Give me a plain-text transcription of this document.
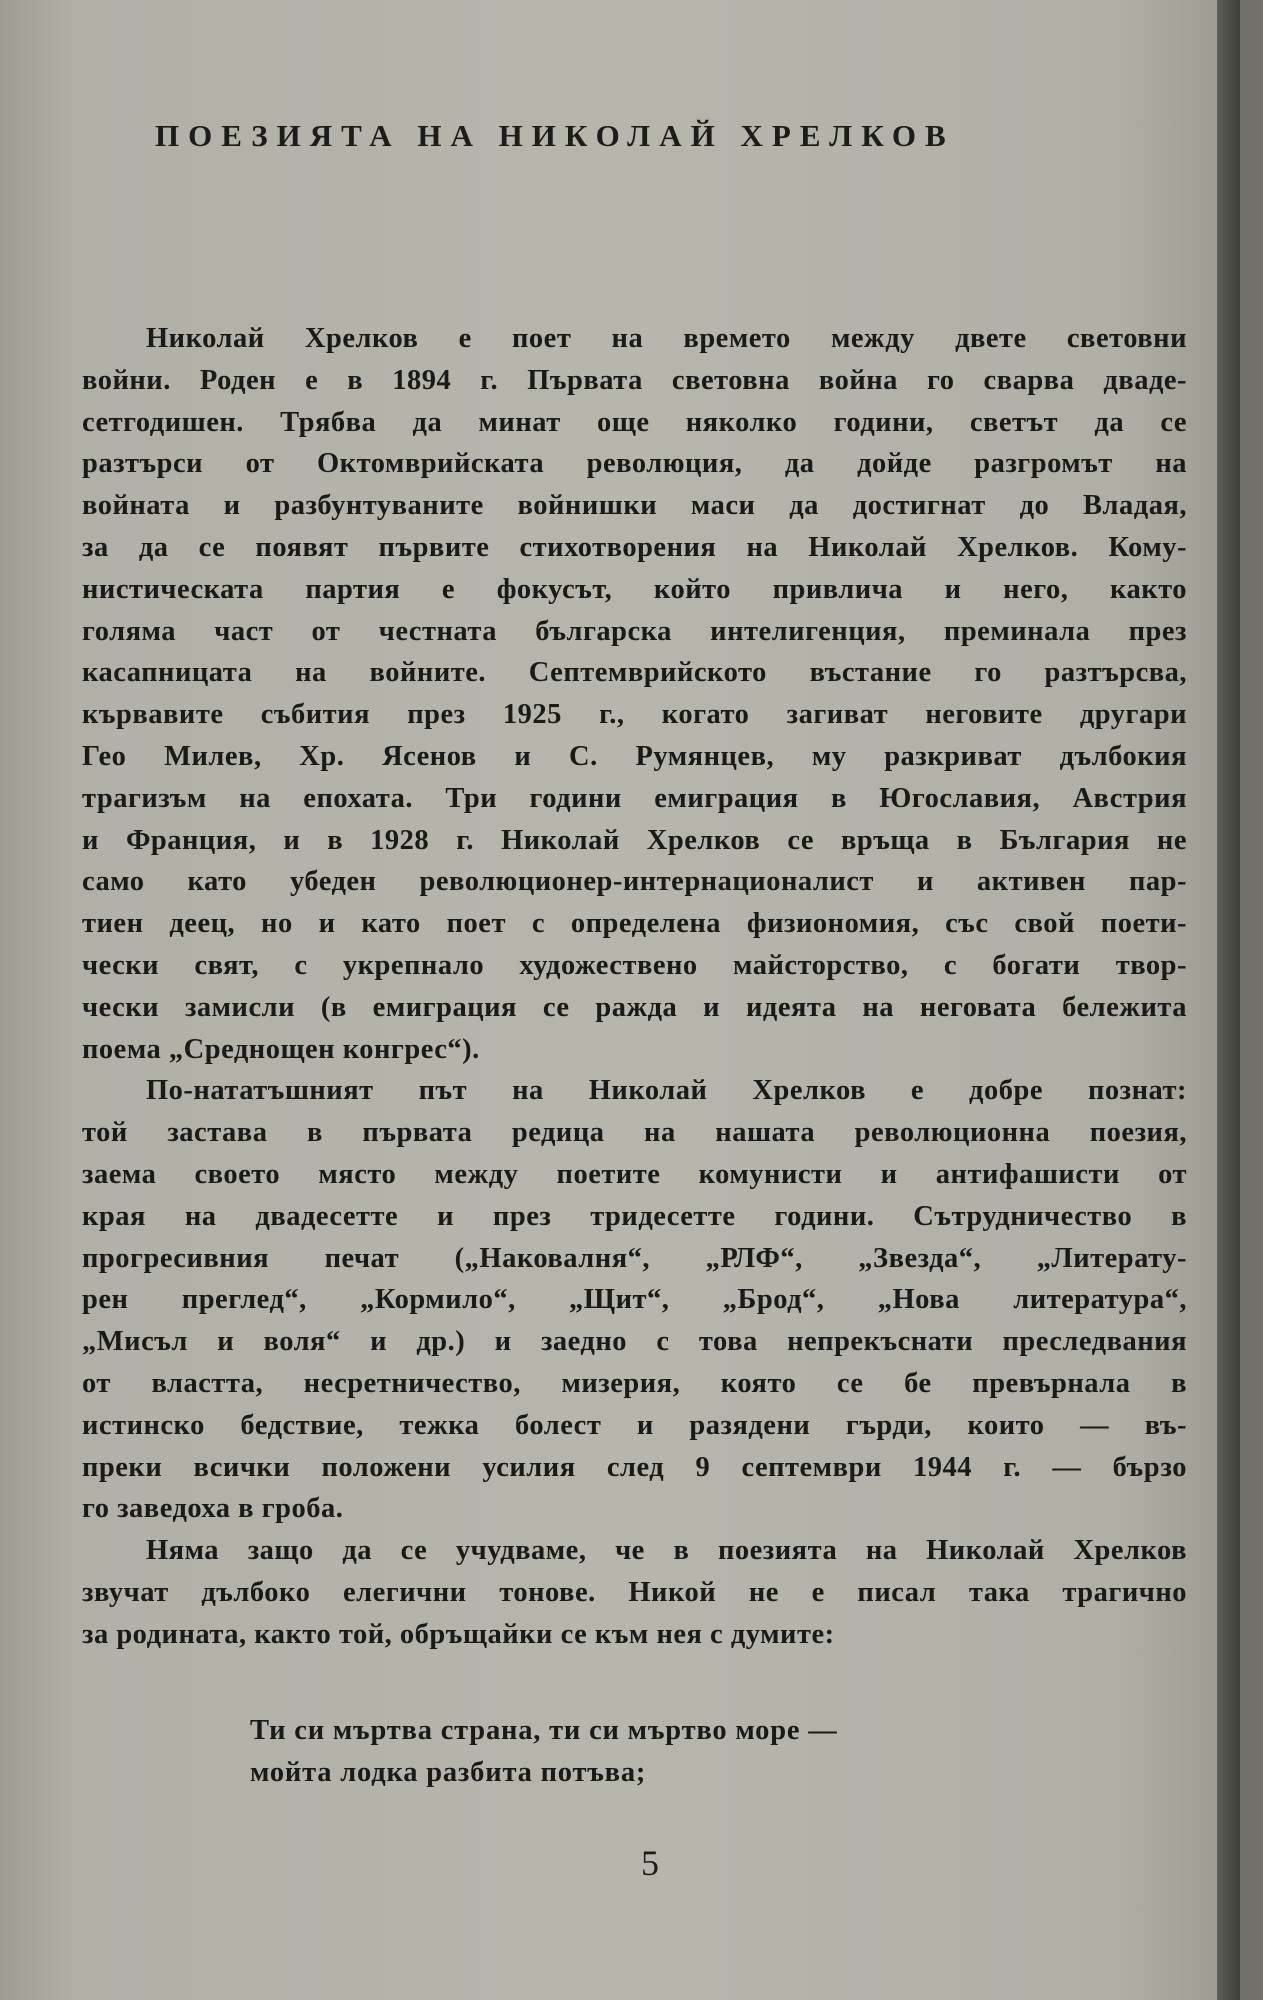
ПОЕЗИЯТА НА НИКОЛАЙ ХРЕЛКОВ
Николай Хрелков е поет на времето между двете световни
войни. Роден е в 1894 г. Първата световна война го сварва дваде-
сетгодишен. Трябва да минат още няколко години, светът да се
разтърси от Октомврийската революция, да дойде разгромът на
войната и разбунтуваните войнишки маси да достигнат до Владая,
за да се появят първите стихотворения на Николай Хрелков. Кому-
нистическата партия е фокусът, който привлича и него, както
голяма част от честната българска интелигенция, преминала през
касапницата на войните. Септемврийското въстание го разтърсва,
кървавите събития през 1925 г., когато загиват неговите другари
Гео Милев, Хр. Ясенов и С. Румянцев, му разкриват дълбокия
трагизъм на епохата. Три години емиграция в Югославия, Австрия
и Франция, и в 1928 г. Николай Хрелков се връща в България не
само като убеден революционер-интернационалист и активен пар-
тиен деец, но и като поет с определена физиономия, със свой поети-
чески свят, с укрепнало художествено майсторство, с богати твор-
чески замисли (в емиграция се ражда и идеята на неговата бележита
поема „Среднощен конгрес“).
По-нататъшният път на Николай Хрелков е добре познат:
той застава в първата редица на нашата революционна поезия,
заема своето място между поетите комунисти и антифашисти от
края на двадесетте и през тридесетте години. Сътрудничество в
прогресивния печат („Наковалня“, „РЛФ“, „Звезда“, „Литерату-
рен преглед“, „Кормило“, „Щит“, „Брод“, „Нова литература“,
„Мисъл и воля“ и др.) и заедно с това непрекъснати преследвания
от властта, несретничество, мизерия, която се бе превърнала в
истинско бедствие, тежка болест и разядени гърди, които — въ-
преки всички положени усилия след 9 септември 1944 г. — бързо
го заведоха в гроба.
Няма защо да се учудваме, че в поезията на Николай Хрелков
звучат дълбоко елегични тонове. Никой не е писал така трагично
за родината, както той, обръщайки се към нея с думите:
Ти си мъртва страна, ти си мъртво море —
мойта лодка разбита потъва;
5
